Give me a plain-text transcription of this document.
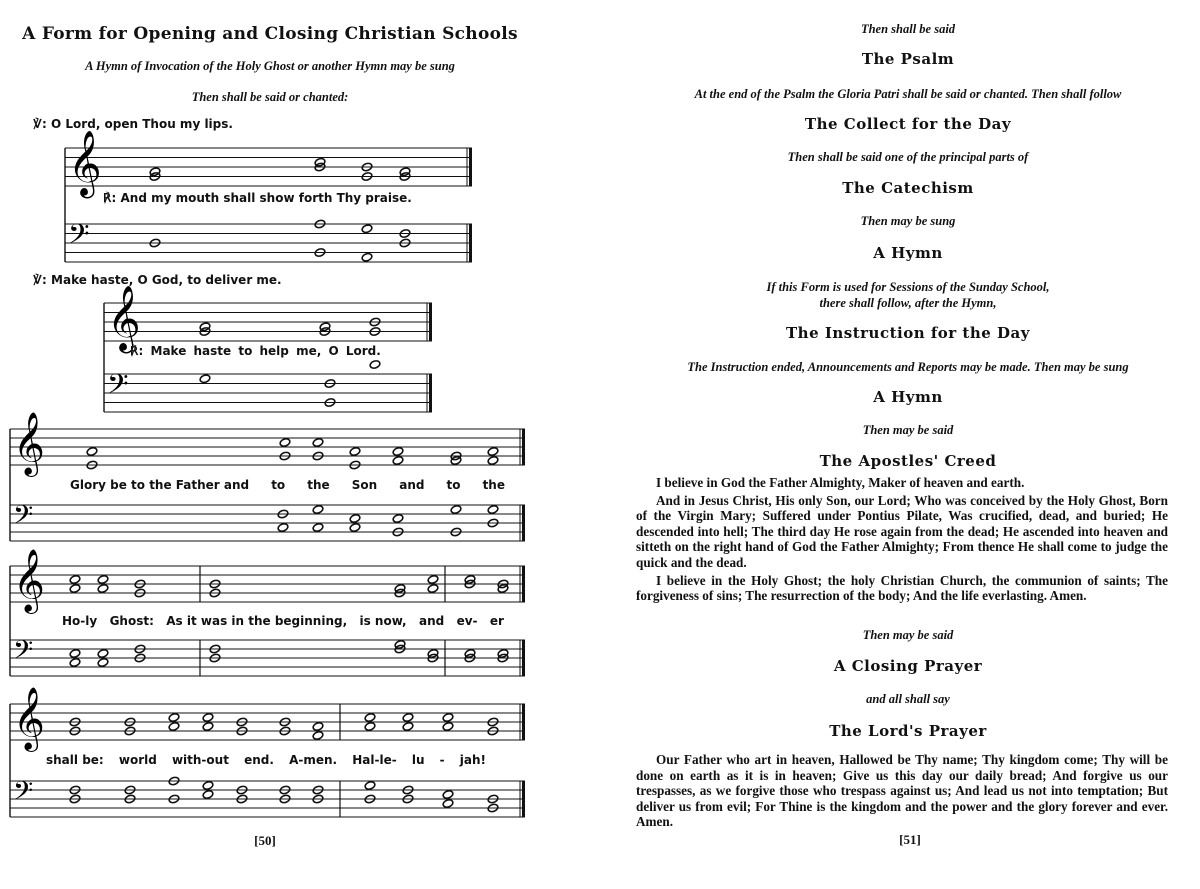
𝄞
𝄢
𝄞
𝄢
𝄞
𝄢
𝄞
𝄢
𝄞
𝄢
A Form for Opening and Closing Christian Schools
A Hymn of Invocation of the Holy Ghost or another Hymn may be sung
Then shall be said or chanted:
℣: O Lord, open Thou my lips.
℟: And my mouth shall show forth Thy praise.
℣: Make haste, O God, to deliver me.
℟: Make haste to help me, O Lord.
Glory be to the Father and to the Son and to the
Ho-ly Ghost: As it was in the beginning, is now, and ev- er
shall be: world with-out end. A-men. Hal-le- lu - jah!
[50]
Then shall be said
The Psalm
At the end of the Psalm the Gloria Patri shall be said or chanted. Then shall follow
The Collect for the Day
Then shall be said one of the principal parts of
The Catechism
Then may be sung
A Hymn
If this Form is used for Sessions of the Sunday School,
there shall follow, after the Hymn,
The Instruction for the Day
The Instruction ended, Announcements and Reports may be made. Then may be sung
A Hymn
Then may be said
The Apostles' Creed

I believe in God the Father Almighty, Maker of heaven and earth.

And in Jesus Christ, His only Son, our Lord; Who was conceived by the Holy Ghost, Born of the Virgin Mary; Suffered under Pontius Pilate, Was crucified, dead, and buried; He descended into hell; The third day He rose again from the dead; He ascended into heaven and sitteth on the right hand of God the Father Almighty; From thence He shall come to judge the quick and the dead.

I believe in the Holy Ghost; the holy Christian Church, the communion of saints; The forgiveness of sins; The resurrection of the body; And the life everlasting. Amen.

Then may be said
A Closing Prayer
and all shall say
The Lord's Prayer

Our Father who art in heaven, Hallowed be Thy name; Thy kingdom come; Thy will be done on earth as it is in heaven; Give us this day our daily bread; And forgive us our trespasses, as we forgive those who trespass against us; And lead us not into temptation; But deliver us from evil; For Thine is the kingdom and the power and the glory forever and ever. Amen.

[51]
